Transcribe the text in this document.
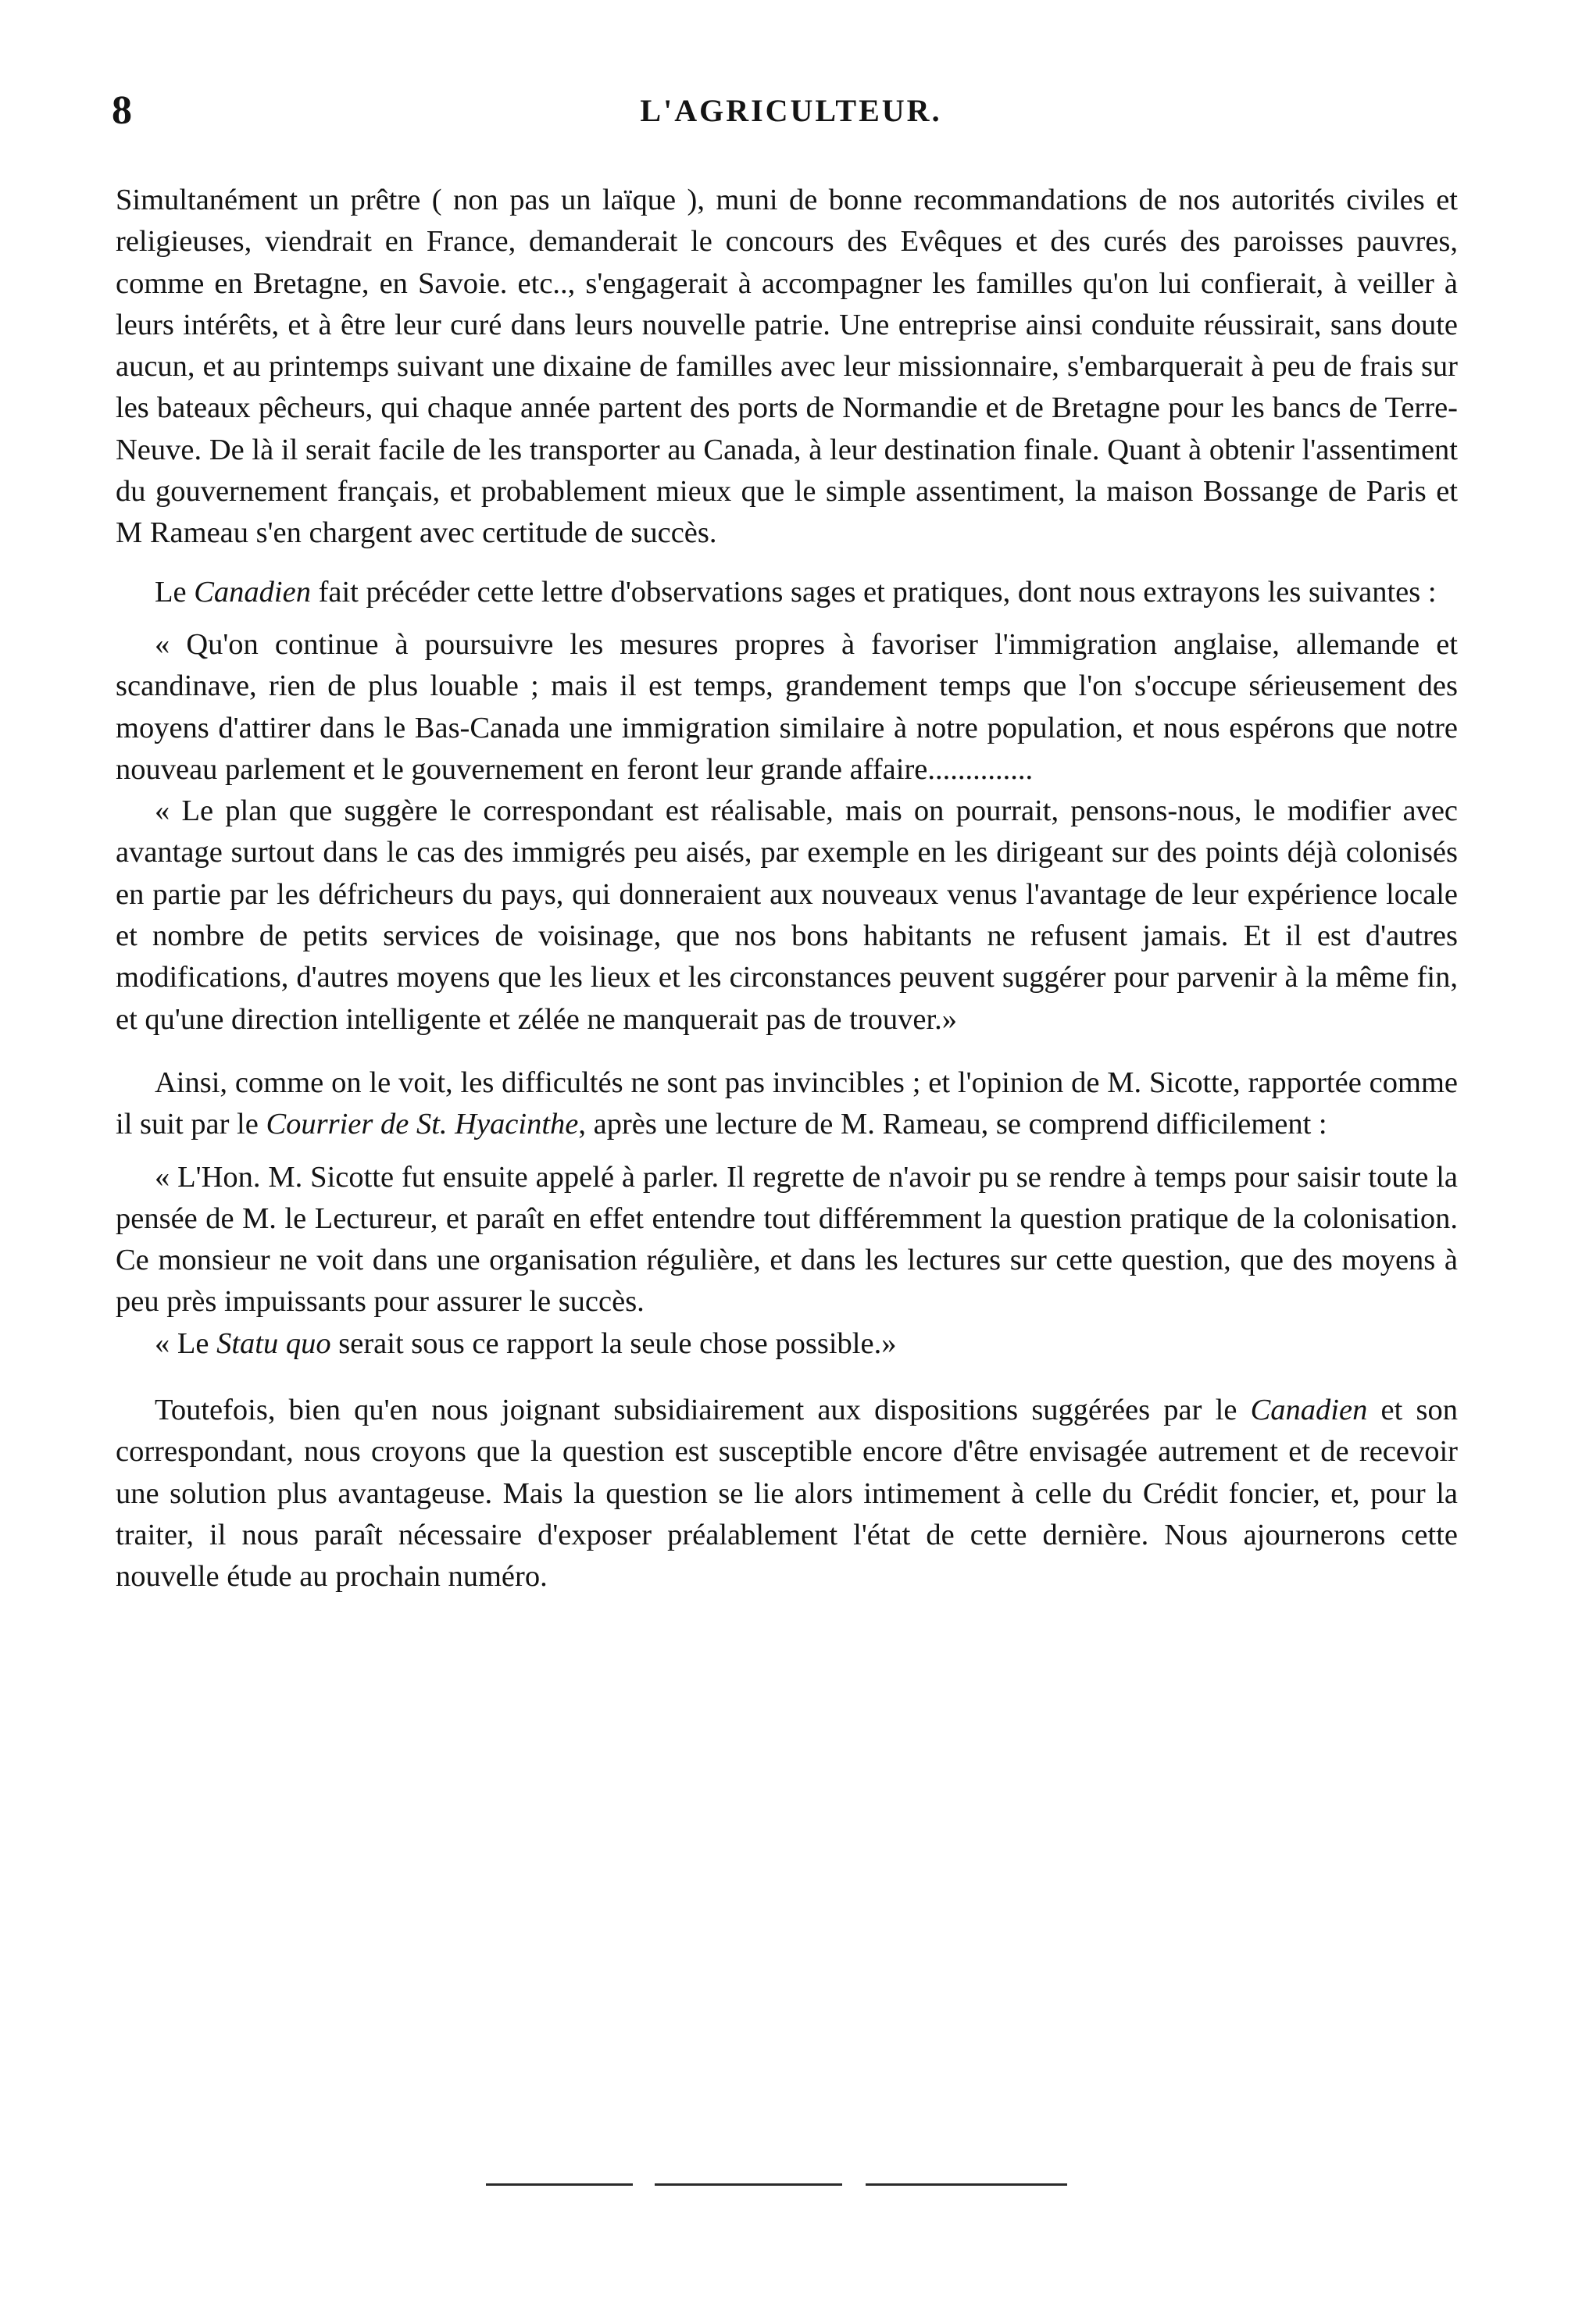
8	L'AGRICULTEUR.

Simultanément un prêtre ( non pas un laïque ), muni de bonne recommandations de nos autorités civiles et religieuses, viendrait en France, demanderait le concours des Evêques et des curés des paroisses pauvres, comme en Bretagne, en Savoie. etc.., s'engagerait à accompagner les familles qu'on lui confierait, à veiller à leurs intérêts, et à être leur curé dans leurs nouvelle patrie. Une entreprise ainsi conduite réussirait, sans doute aucun, et au printemps suivant une dixaine de familles avec leur missionnaire, s'embarquerait à peu de frais sur les bateaux pêcheurs, qui chaque année partent des ports de Normandie et de Bretagne pour les bancs de Terre-Neuve. De là il serait facile de les transporter au Canada, à leur destination finale. Quant à obtenir l'assentiment du gouvernement français, et probablement mieux que le simple assentiment, la maison Bossange de Paris et M Rameau s'en chargent avec certitude de succès.

Le Canadien fait précéder cette lettre d'observations sages et pratiques, dont nous extrayons les suivantes :

« Qu'on continue à poursuivre les mesures propres à favoriser l'immigration anglaise, allemande et scandinave, rien de plus louable ; mais il est temps, grandement temps que l'on s'occupe sérieusement des moyens d'attirer dans le Bas-Canada une immigration similaire à notre population, et nous espérons que notre nouveau parlement et le gouvernement en feront leur grande affaire..............

« Le plan que suggère le correspondant est réalisable, mais on pourrait, pensons-nous, le modifier avec avantage surtout dans le cas des immigrés peu aisés, par exemple en les dirigeant sur des points déjà colonisés en partie par les défricheurs du pays, qui donneraient aux nouveaux venus l'avantage de leur expérience locale et nombre de petits services de voisinage, que nos bons habitants ne refusent jamais. Et il est d'autres modifications, d'autres moyens que les lieux et les circonstances peuvent suggérer pour parvenir à la même fin, et qu'une direction intelligente et zélée ne manquerait pas de trouver.»

Ainsi, comme on le voit, les difficultés ne sont pas invincibles ; et l'opinion de M. Sicotte, rapportée comme il suit par le Courrier de St. Hyacinthe, après une lecture de M. Rameau, se comprend difficilement :

« L'Hon. M. Sicotte fut ensuite appelé à parler. Il regrette de n'avoir pu se rendre à temps pour saisir toute la pensée de M. le Lectureur, et paraît en effet entendre tout différemment la question pratique de la colonisation. Ce monsieur ne voit dans une organisation régulière, et dans les lectures sur cette question, que des moyens à peu près impuissants pour assurer le succès.

« Le Statu quo serait sous ce rapport la seule chose possible.»

Toutefois, bien qu'en nous joignant subsidiairement aux dispositions suggérées par le Canadien et son correspondant, nous croyons que la question est susceptible encore d'être envisagée autrement et de recevoir une solution plus avantageuse. Mais la question se lie alors intimement à celle du Crédit foncier, et, pour la traiter, il nous paraît nécessaire d'exposer préalablement l'état de cette dernière. Nous ajournerons cette nouvelle étude au prochain numéro.
